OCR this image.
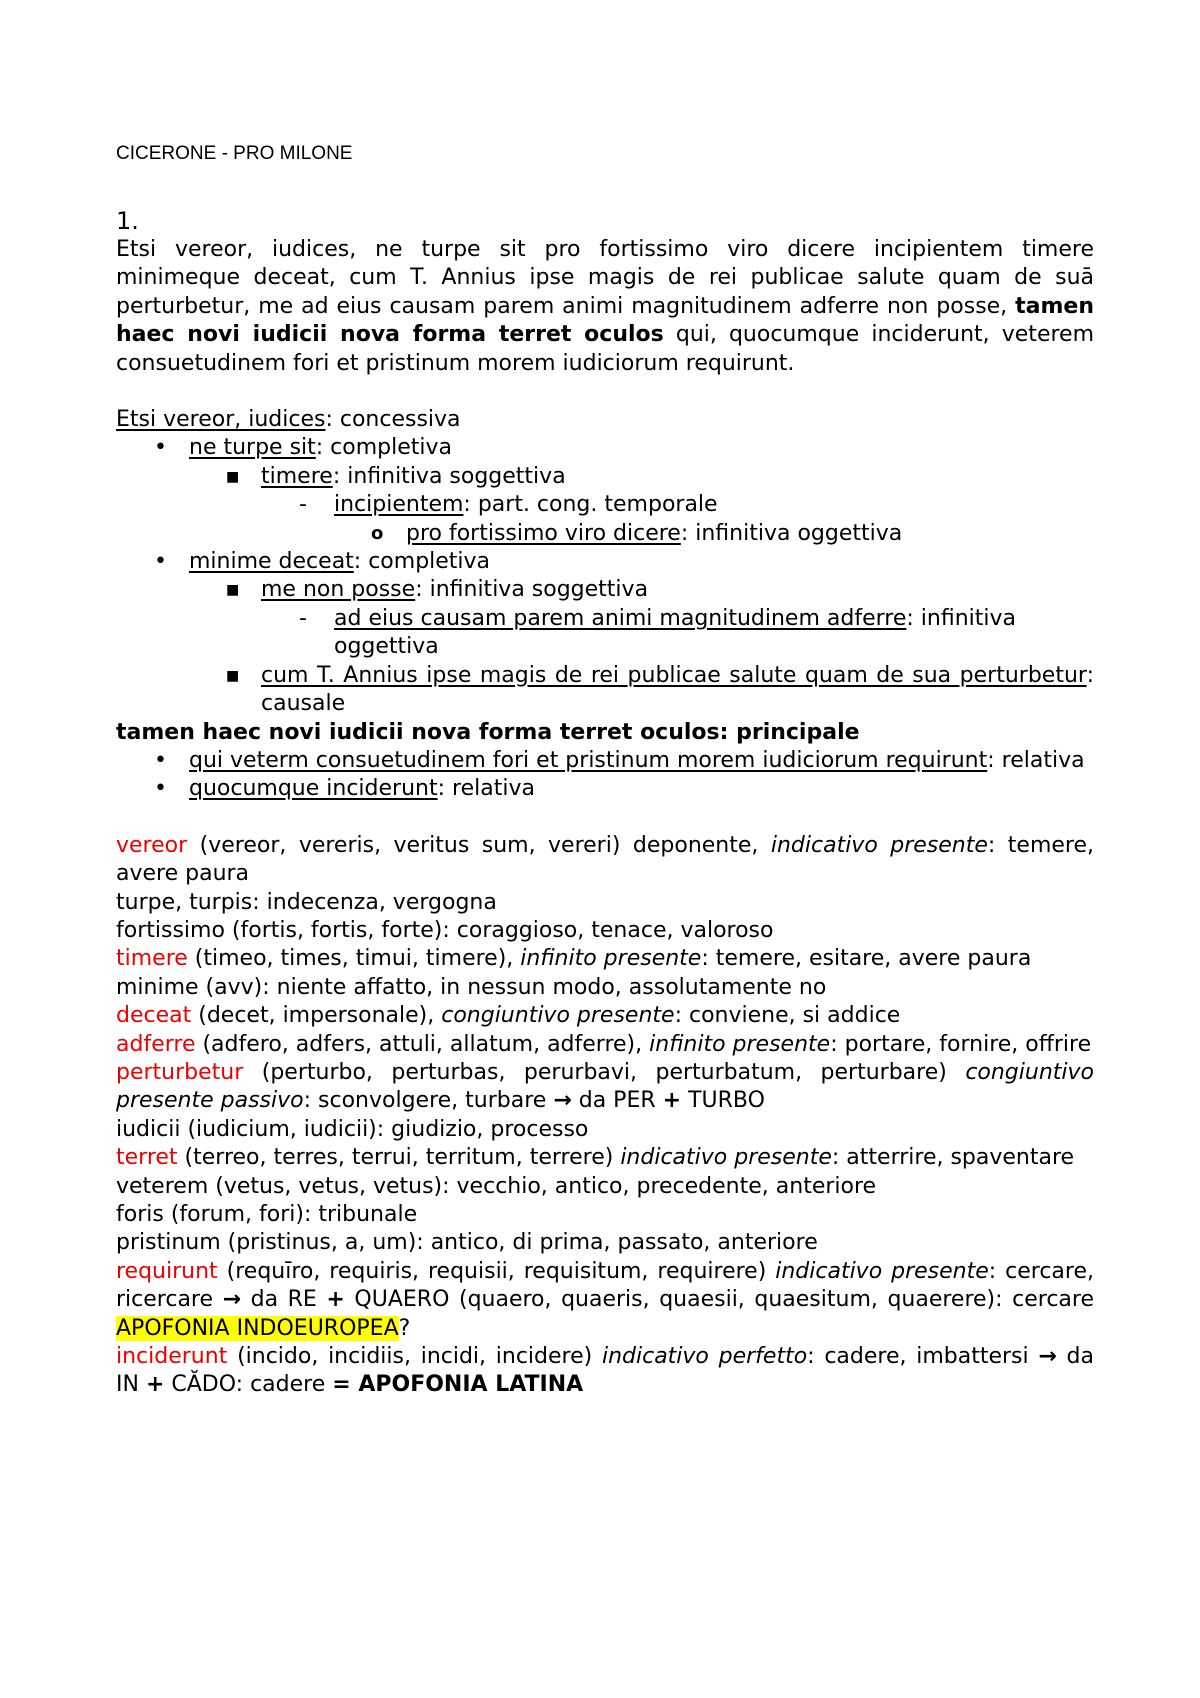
CICERONE - PRO MILONE
1.
Etsi vereor, iudices, ne turpe sit pro fortissimo viro dicere incipientem timere minimeque deceat, cum T. Annius ipse magis de rei publicae salute quam de suā perturbetur, me ad eius causam parem animi magnitudinem adferre non posse, tamen haec novi iudicii nova forma terret oculos qui, quocumque inciderunt, veterem consuetudinem fori et pristinum morem iudiciorum requirunt.
Etsi vereor, iudices: concessiva
• ne turpe sit: completiva
■ timere: infinitiva soggettiva
- incipientem: part. cong. temporale
o pro fortissimo viro dicere: infinitiva oggettiva
• minime deceat: completiva
■ me non posse: infinitiva soggettiva
- ad eius causam parem animi magnitudinem adferre: infinitiva oggettiva
■ cum T. Annius ipse magis de rei publicae salute quam de sua perturbetur: causale
tamen haec novi iudicii nova forma terret oculos: principale
• qui veterm consuetudinem fori et pristinum morem iudiciorum requirunt: relativa
• quocumque inciderunt: relativa
vereor (vereor, vereris, veritus sum, vereri) deponente, indicativo presente: temere, avere paura
turpe, turpis: indecenza, vergogna
fortissimo (fortis, fortis, forte): coraggioso, tenace, valoroso
timere (timeo, times, timui, timere), infinito presente: temere, esitare, avere paura
minime (avv): niente affatto, in nessun modo, assolutamente no
deceat (decet, impersonale), congiuntivo presente: conviene, si addice
adferre (adfero, adfers, attuli, allatum, adferre), infinito presente: portare, fornire, offrire
perturbetur (perturbo, perturbas, perurbavi, perturbatum, perturbare) congiuntivo presente passivo: sconvolgere, turbare → da PER + TURBO
iudicii (iudicium, iudicii): giudizio, processo
terret (terreo, terres, terrui, territum, terrere) indicativo presente: atterrire, spaventare
veterem (vetus, vetus, vetus): vecchio, antico, precedente, anteriore
foris (forum, fori): tribunale
pristinum (pristinus, a, um): antico, di prima, passato, anteriore
requirunt (requīro, requiris, requisii, requisitum, requirere) indicativo presente: cercare, ricercare → da RE + QUAERO (quaero, quaeris, quaesii, quaesitum, quaerere): cercare APOFONIA INDOEUROPEA?
inciderunt (incido, incidiis, incidi, incidere) indicativo perfetto: cadere, imbattersi → da IN + CĂDO: cadere = APOFONIA LATINA
